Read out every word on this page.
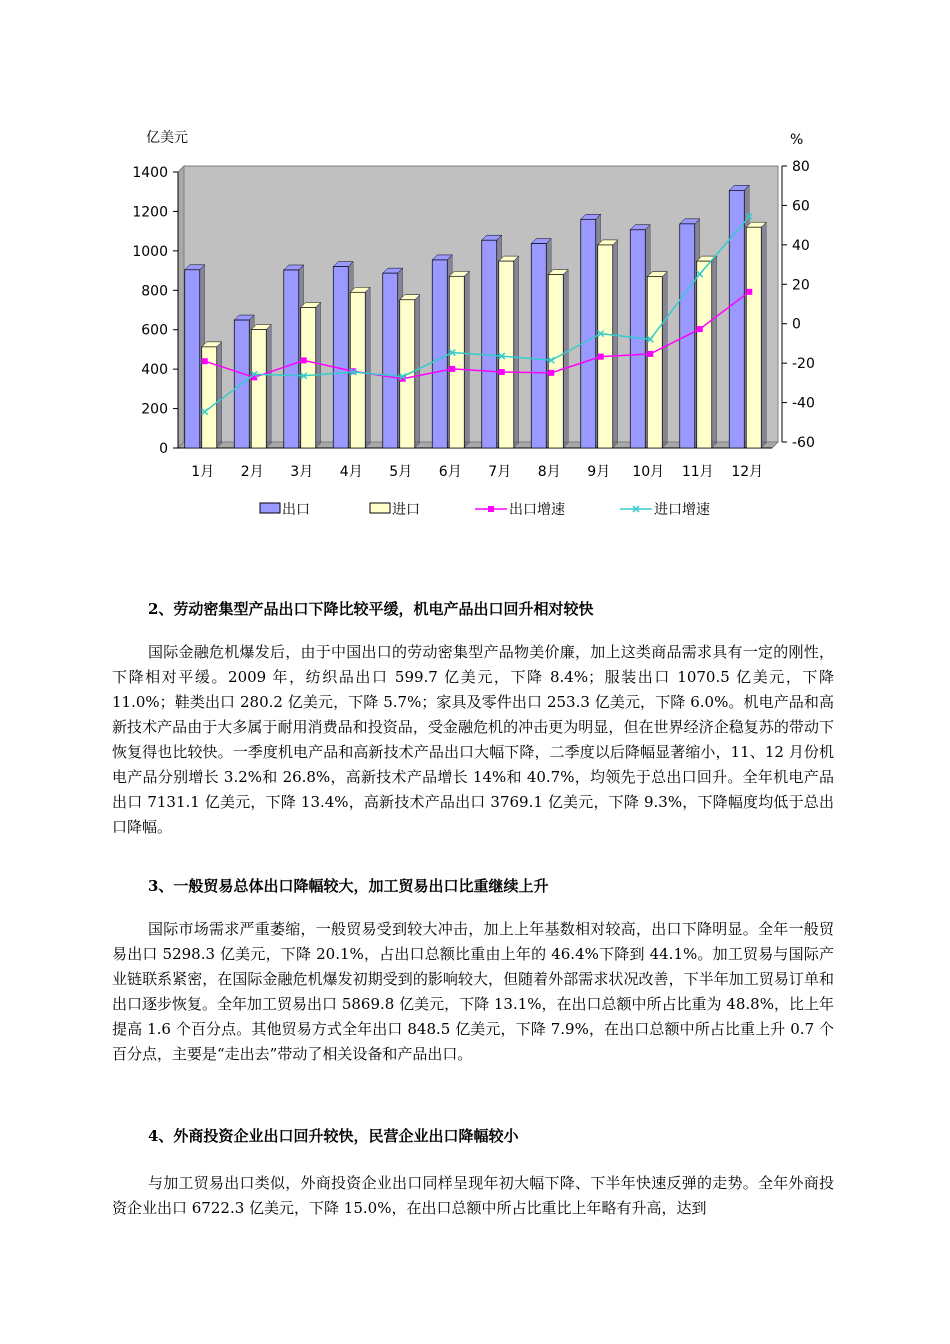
0
200
400
600
800
1000
1200
1400
-60
-40
-20
0
20
40
60
80
亿美元	%
1月 2月 3月 4月 5月 6月 7月 8月 9月 10月 11月 12月
出口	进口	出口增速	进口增速
2、劳动密集型产品出口下降比较平缓，机电产品出口回升相对较快
国际金融危机爆发后，由于中国出口的劳动密集型产品物美价廉，加上这类商品需求具有一定的刚性，下降相对平缓。2009 年，纺织品出口 599.7 亿美元，下降 8.4%；服装出口 1070.5 亿美元，下降 11.0%；鞋类出口 280.2 亿美元，下降 5.7%；家具及零件出口 253.3 亿美元，下降 6.0%。机电产品和高新技术产品由于大多属于耐用消费品和投资品，受金融危机的冲击更为明显，但在世界经济企稳复苏的带动下恢复得也比较快。一季度机电产品和高新技术产品出口大幅下降，二季度以后降幅显著缩小，11、12 月份机电产品分别增长 3.2%和 26.8%，高新技术产品增长 14%和 40.7%，均领先于总出口回升。全年机电产品出口 7131.1 亿美元，下降 13.4%，高新技术产品出口 3769.1 亿美元，下降 9.3%，下降幅度均低于总出口降幅。
3、一般贸易总体出口降幅较大，加工贸易出口比重继续上升
国际市场需求严重萎缩，一般贸易受到较大冲击，加上上年基数相对较高，出口下降明显。全年一般贸易出口 5298.3 亿美元，下降 20.1%，占出口总额比重由上年的 46.4%下降到 44.1%。加工贸易与国际产业链联系紧密，在国际金融危机爆发初期受到的影响较大，但随着外部需求状况改善，下半年加工贸易订单和出口逐步恢复。全年加工贸易出口 5869.8 亿美元，下降 13.1%，在出口总额中所占比重为 48.8%，比上年提高 1.6 个百分点。其他贸易方式全年出口 848.5 亿美元，下降 7.9%，在出口总额中所占比重上升 0.7 个百分点，主要是“走出去”带动了相关设备和产品出口。
4、外商投资企业出口回升较快，民营企业出口降幅较小
与加工贸易出口类似，外商投资企业出口同样呈现年初大幅下降、下半年快速反弹的走势。全年外商投资企业出口 6722.3 亿美元，下降 15.0%，在出口总额中所占比重比上年略有升高，达到
